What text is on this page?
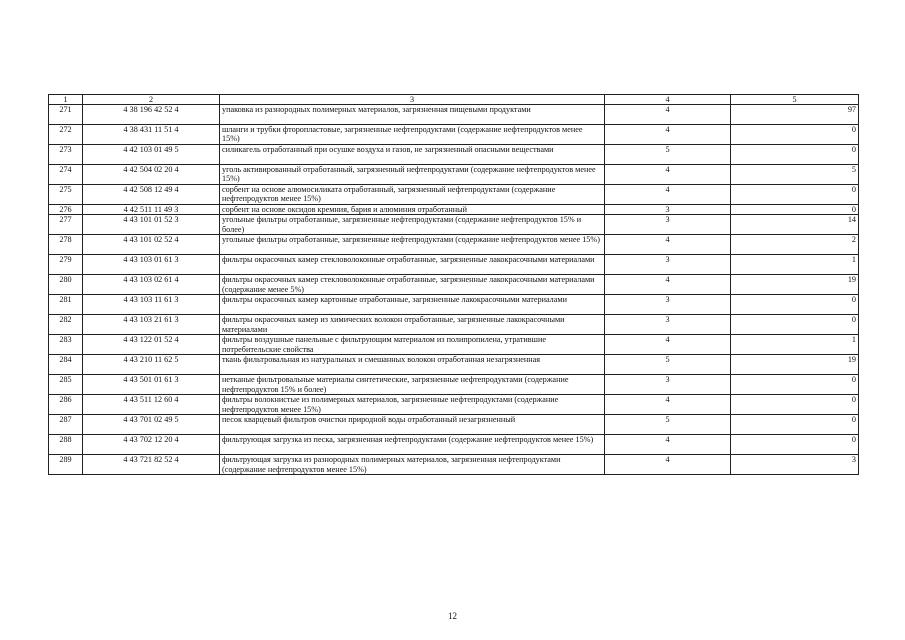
1	2	3	4	5
271	4 38 196 42 52 4	упаковка из разнородных полимерных материалов, загрязненная пищевыми продуктами	4	97
272	4 38 431 11 51 4	шланги и трубки фторопластовые, загрязненные нефтепродуктами (содержание нефтепродуктов менее 15%)	4	0
273	4 42 103 01 49 5	силикагель отработанный при осушке воздуха и газов, не загрязненный опасными веществами	5	0
274	4 42 504 02 20 4	уголь активированный отработанный, загрязненный нефтепродуктами (содержание нефтепродуктов менее 15%)	4	5
275	4 42 508 12 49 4	сорбент на основе алюмосиликата отработанный, загрязненный нефтепродуктами (содержание нефтепродуктов менее 15%)	4	0
276	4 42 511 11 49 3	сорбент на основе оксидов кремния, бария и алюминия отработанный	3	0
277	4 43 101 01 52 3	угольные фильтры отработанные, загрязненные нефтепродуктами (содержание нефтепродуктов 15% и более)	3	14
278	4 43 101 02 52 4	угольные фильтры отработанные, загрязненные нефтепродуктами (содержание нефтепродуктов менее 15%)	4	2
279	4 43 103 01 61 3	фильтры окрасочных камер стекловолоконные отработанные, загрязненные лакокрасочными материалами	3	1
280	4 43 103 02 61 4	фильтры окрасочных камер стекловолоконные отработанные, загрязненные лакокрасочными материалами (содержание менее 5%)	4	19
281	4 43 103 11 61 3	фильтры окрасочных камер картонные отработанные, загрязненные лакокрасочными материалами	3	0
282	4 43 103 21 61 3	фильтры окрасочных камер из химических волокон отработанные, загрязненные лакокрасочными материалами	3	0
283	4 43 122 01 52 4	фильтры воздушные панельные с фильтрующим материалом из полипропилена, утратившие потребительские свойства	4	1
284	4 43 210 11 62 5	ткань фильтровальная из натуральных и смешанных волокон отработанная незагрязненная	5	19
285	4 43 501 01 61 3	нетканые фильтровальные материалы синтетические, загрязненные нефтепродуктами (содержание нефтепродуктов 15% и более)	3	0
286	4 43 511 12 60 4	фильтры волокнистые из полимерных материалов, загрязненные нефтепродуктами (содержание нефтепродуктов менее 15%)	4	0
287	4 43 701 02 49 5	песок кварцевый фильтров очистки природной воды отработанный незагрязненный	5	0
288	4 43 702 12 20 4	фильтрующая загрузка из песка, загрязненная нефтепродуктами (содержание нефтепродуктов менее 15%)	4	0
289	4 43 721 82 52 4	фильтрующая загрузка из разнородных полимерных материалов, загрязненная нефтепродуктами (содержание нефтепродуктов менее 15%)	4	3
12
